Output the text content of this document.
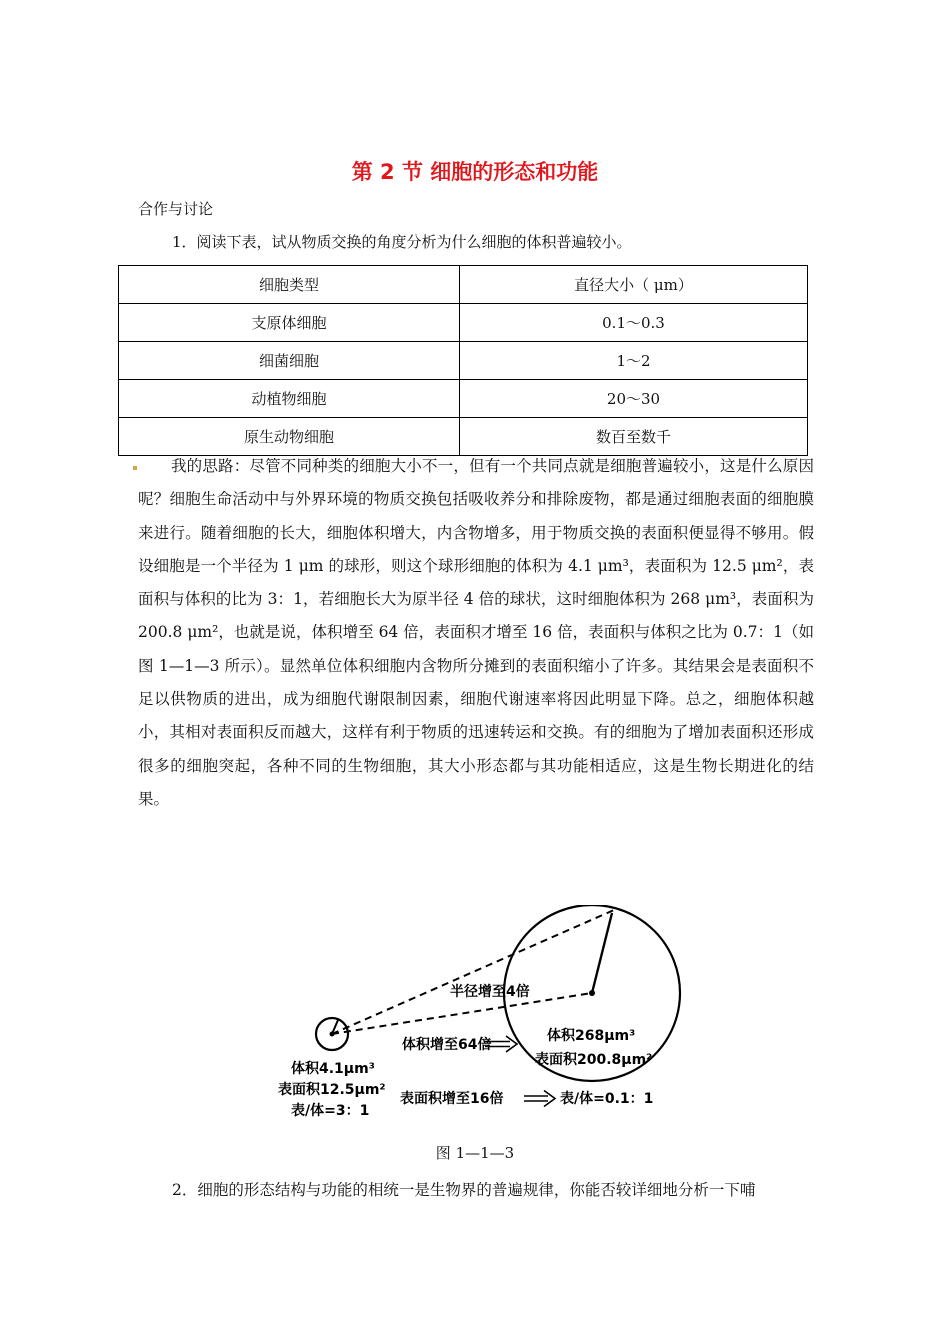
第 2 节 细胞的形态和功能
合作与讨论
1．阅读下表，试从物质交换的角度分析为什么细胞的体积普遍较小。
细胞类型	直径大小（ μm）
支原体细胞	0.1～0.3
细菌细胞	1～2
动植物细胞	20～30
原生动物细胞	数百至数千

我的思路：尽管不同种类的细胞大小不一，但有一个共同点就是细胞普遍较小，这是什么原因呢？细胞生命活动中与外界环境的物质交换包括吸收养分和排除废物，都是通过细胞表面的细胞膜来进行。随着细胞的长大，细胞体积增大，内含物增多，用于物质交换的表面积便显得不够用。假设细胞是一个半径为 1 μm 的球形，则这个球形细胞的体积为 4.1 μm³，表面积为 12.5 μm²，表面积与体积的比为 3：1，若细胞长大为原半径 4 倍的球状，这时细胞体积为 268 μm³，表面积为 200.8 μm²，也就是说，体积增至 64 倍，表面积才增至 16 倍，表面积与体积之比为 0.7：1（如图 1—1—3 所示）。显然单位体积细胞内含物所分摊到的表面积缩小了许多。其结果会是表面积不足以供物质的进出，成为细胞代谢限制因素，细胞代谢速率将因此明显下降。总之，细胞体积越小，其相对表面积反而越大，这样有利于物质的迅速转运和交换。有的细胞为了增加表面积还形成很多的细胞突起，各种不同的生物细胞，其大小形态都与其功能相适应，这是生物长期进化的结果。

半径增至4倍
体积增至64倍
表面积增至16倍
体积268μm³
表面积200.8μm²
体积4.1μm³
表面积12.5μm²
表/体=3：1
表/体=0.1：1
图 1—1—3
2．细胞的形态结构与功能的相统一是生物界的普遍规律，你能否较详细地分析一下哺
